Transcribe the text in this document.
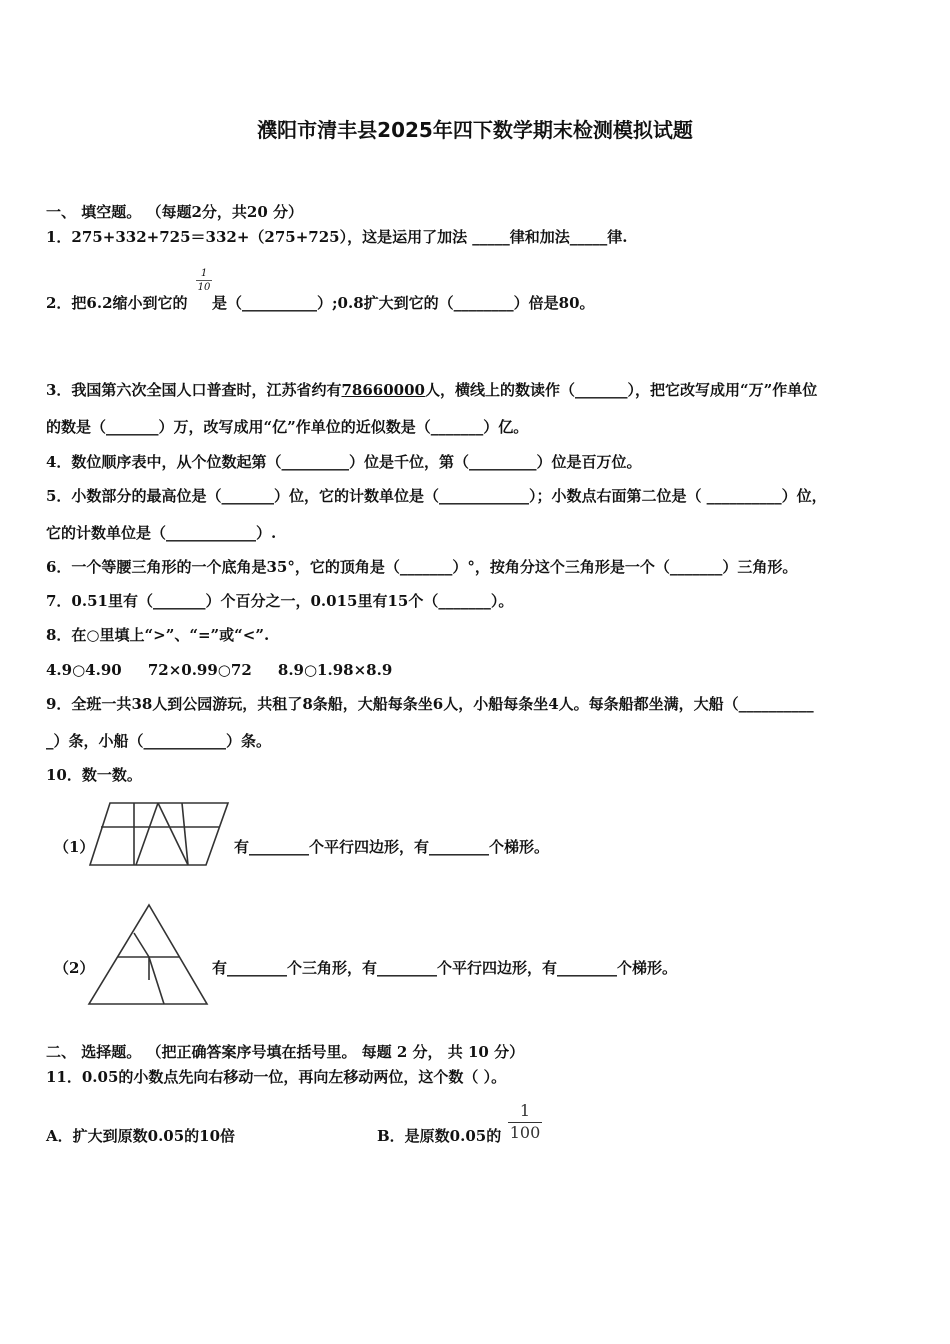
濮阳市清丰县2025年四下数学期末检测模拟试题
一、 填空题。 （每题2分，共20 分）
1．275+332+725＝332+（275+725），这是运用了加法 _____律和加法_____律.
2．把6.2缩小到它的
1
10
是（__________）;0.8扩大到它的（________）倍是80。
3．我国第六次全国人口普查时，江苏省约有78660000人，横线上的数读作（_______），把它改写成用“万”作单位
的数是（_______）万，改写成用“亿”作单位的近似数是（_______）亿。
4．数位顺序表中，从个位数起第（_________）位是千位，第（_________）位是百万位。
5．小数部分的最高位是（_______）位，它的计数单位是（____________）；小数点右面第二位是（ __________）位，
它的计数单位是（____________）.
6．一个等腰三角形的一个底角是35°，它的顶角是（_______）°，按角分这个三角形是一个（_______）三角形。
7．0.51里有（_______）个百分之一，0.015里有15个（_______）。
8．在○里填上“>”、“=”或“<”.
4.9○4.90     72×0.99○72     8.9○1.98×8.9
9．全班一共38人到公园游玩，共租了8条船，大船每条坐6人，小船每条坐4人。每条船都坐满，大船（__________
_）条，小船（___________）条。
10．数一数。
（1）	有________个平行四边形，有________个梯形。
（2）	有________个三角形，有________个平行四边形，有________个梯形。
二、 选择题。 （把正确答案序号填在括号里。 每题 2 分， 共 10 分）
11．0.05的小数点先向右移动一位，再向左移动两位，这个数（ ）。
A．扩大到原数0.05的10倍	B．是原数0.05的
1
100
